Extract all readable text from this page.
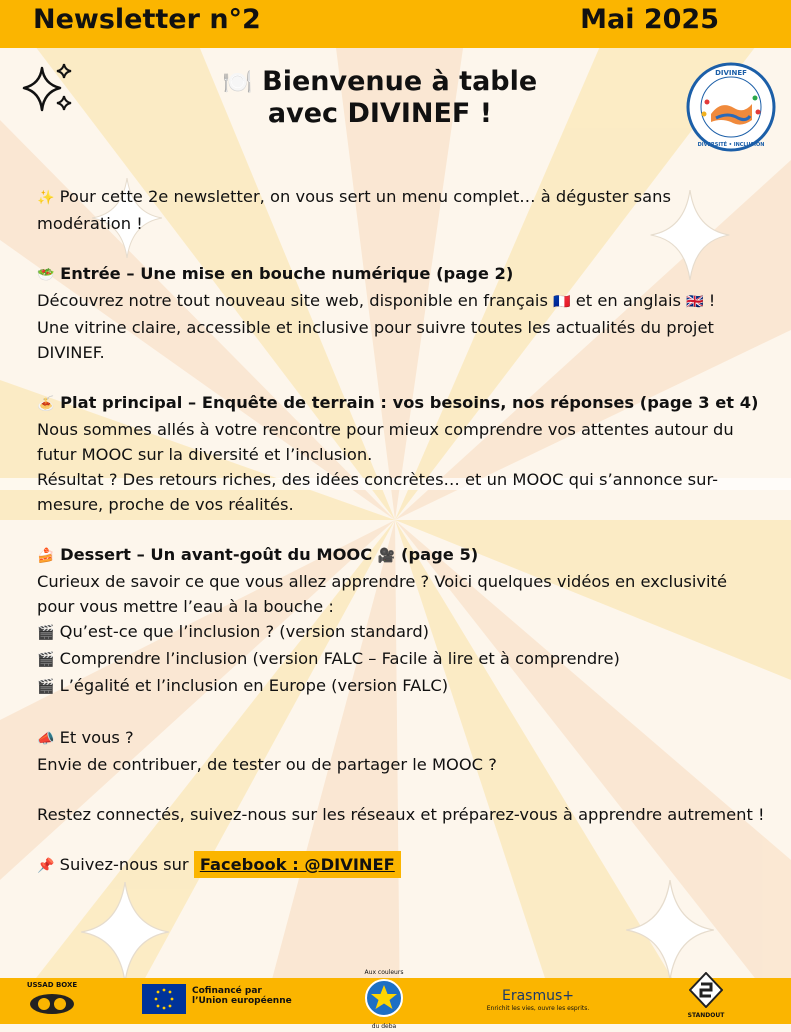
Newsletter n°2	Mai 2025
🍽️ Bienvenue à table
avec DIVINEF !
DIVINEF
DIVERSITÉ • INCLUSION

✨ Pour cette 2e newsletter, on vous sert un menu complet… à déguster sans modération !

🥗 Entrée – Une mise en bouche numérique (page 2)

Découvrez notre tout nouveau site web, disponible en français 🇫🇷 et en anglais 🇬🇧 !

Une vitrine claire, accessible et inclusive pour suivre toutes les actualités du projet DIVINEF.

🍝 Plat principal – Enquête de terrain : vos besoins, nos réponses (page 3 et 4)

Nous sommes allés à votre rencontre pour mieux comprendre vos attentes autour du futur MOOC sur la diversité et l’inclusion.

Résultat ? Des retours riches, des idées concrètes… et un MOOC qui s’annonce sur-mesure, proche de vos réalités.

🍰 Dessert – Un avant-goût du MOOC 🎥 (page 5)

Curieux de savoir ce que vous allez apprendre ? Voici quelques vidéos en exclusivité pour vous mettre l’eau à la bouche :

🎬 Qu’est-ce que l’inclusion ? (version standard)

🎬 Comprendre l’inclusion (version FALC – Facile à lire et à comprendre)

🎬 L’égalité et l’inclusion en Europe (version FALC)

📣 Et vous ?

Envie de contribuer, de tester ou de partager le MOOC ?

Restez connectés, suivez-nous sur les réseaux et préparez-vous à apprendre autrement !

📌 Suivez-nous sur Facebook : @DIVINEF

USSAD BOXE
Cofinancé par
l’Union européenne
Aux couleurs
du deba
Erasmus+
Enrichit les vies, ouvre les esprits.
STANDOUT
